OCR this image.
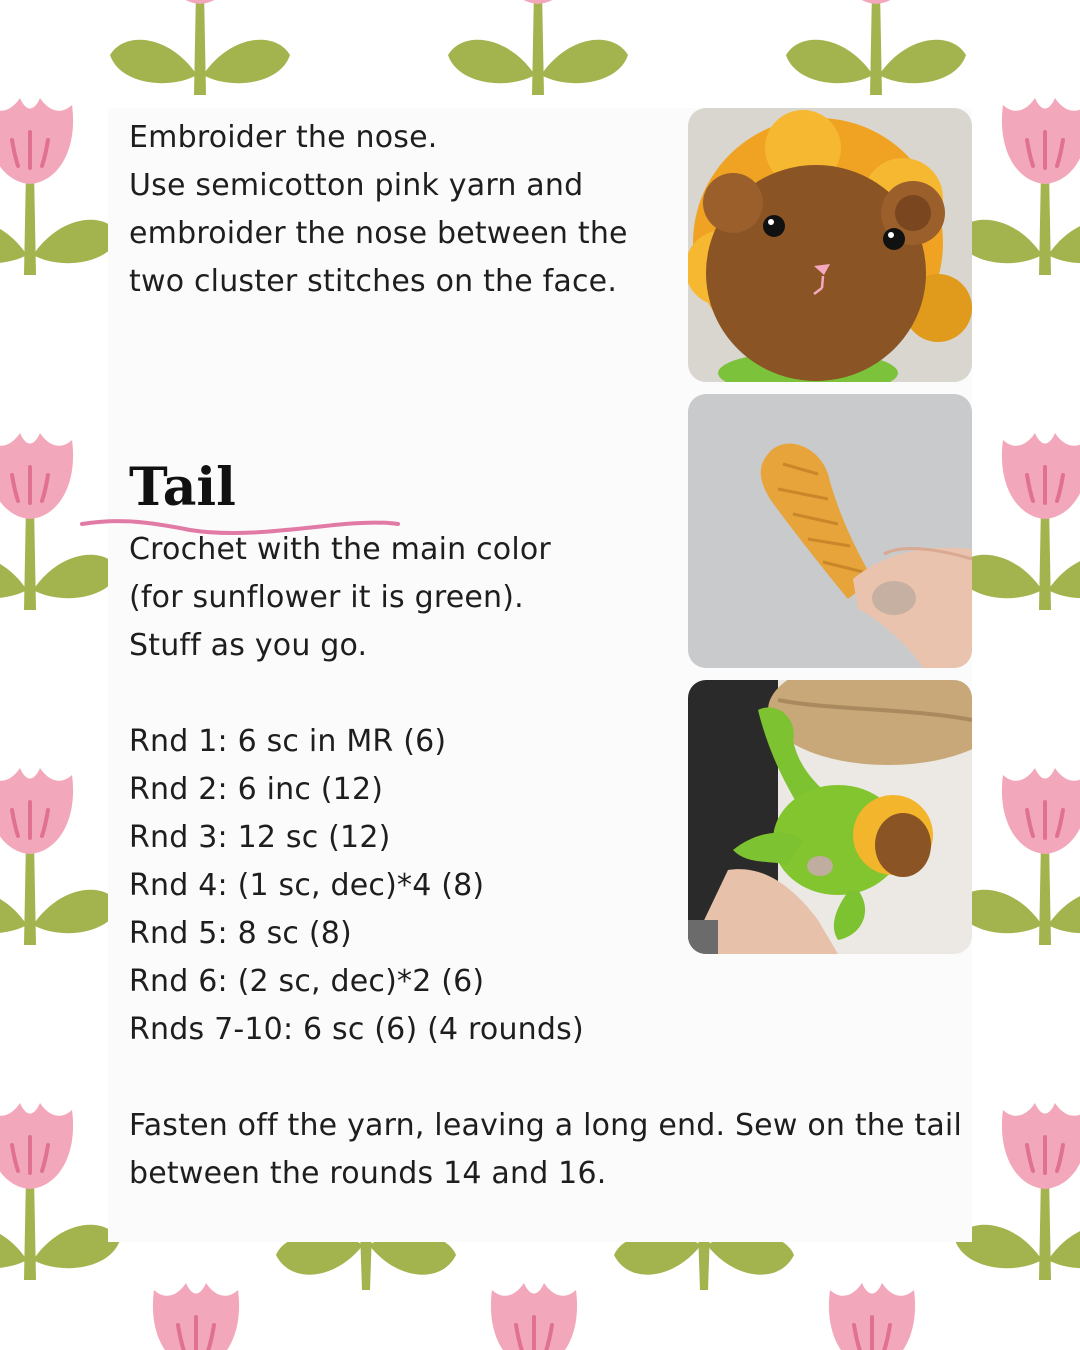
Embroider the nose.
Use semicotton pink yarn and
embroider the nose between the
two cluster stitches on the face.
Tail
Crochet with the main color
(for sunflower it is green).
Stuff as you go.
Rnd 1: 6 sc in MR (6)
Rnd 2: 6 inc (12)
Rnd 3: 12 sc (12)
Rnd 4: (1 sc, dec)*4 (8)
Rnd 5: 8 sc (8)
Rnd 6: (2 sc, dec)*2 (6)
Rnds 7-10: 6 sc (6) (4 rounds)
Fasten off the yarn, leaving a long end. Sew on the tail
between the rounds 14 and 16.
